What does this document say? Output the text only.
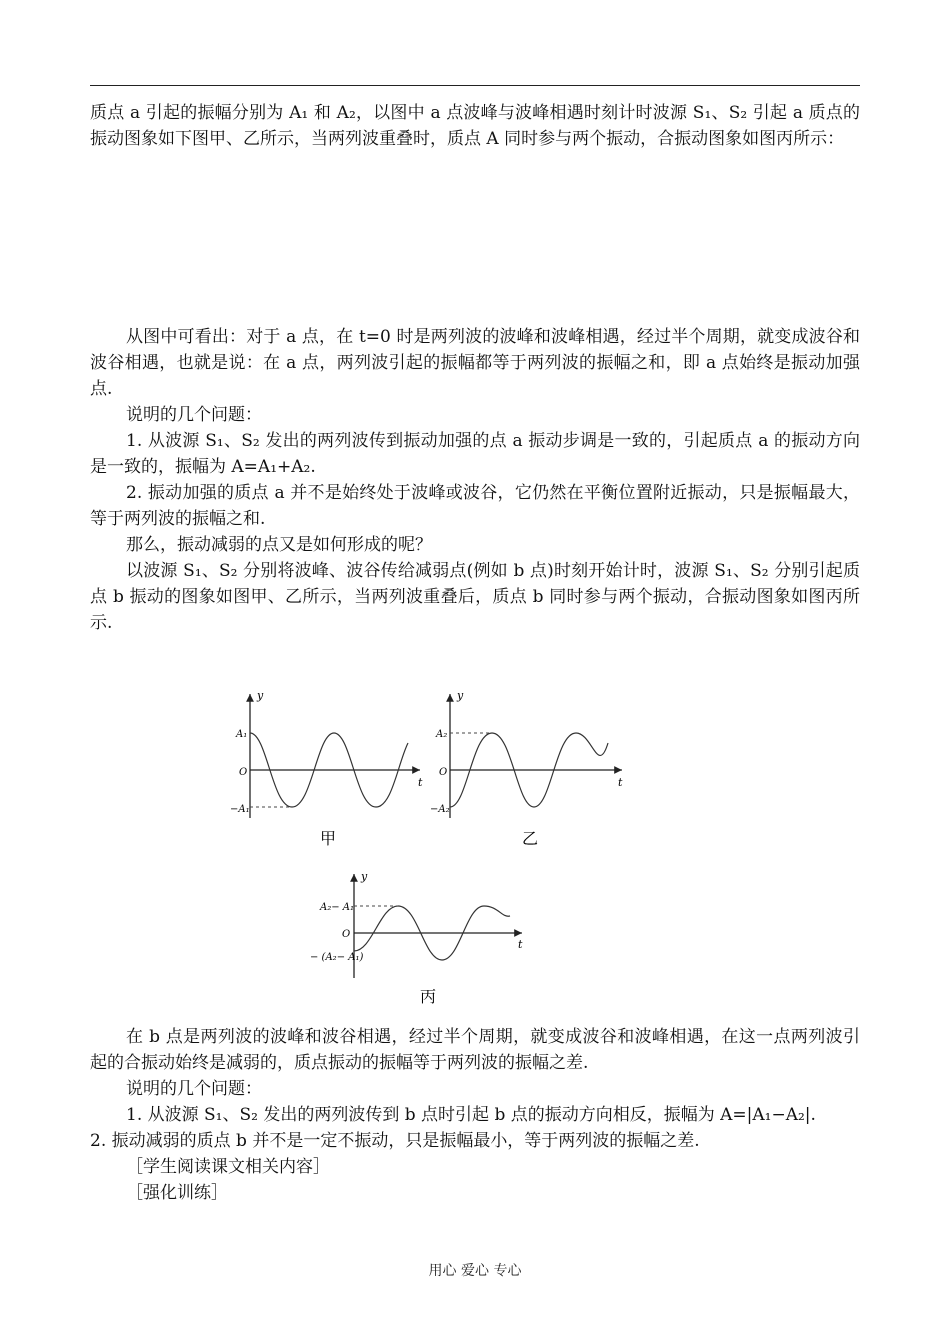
质点 a 引起的振幅分别为 A₁ 和 A₂，以图中 a 点波峰与波峰相遇时刻计时波源 S₁、S₂ 引起 a 质点的振动图象如下图甲、乙所示，当两列波重叠时，质点 A 同时参与两个振动，合振动图象如图丙所示：

从图中可看出：对于 a 点，在 t=0 时是两列波的波峰和波峰相遇，经过半个周期，就变成波谷和波谷相遇，也就是说：在 a 点，两列波引起的振幅都等于两列波的振幅之和，即 a 点始终是振动加强点.

说明的几个问题：

1. 从波源 S₁、S₂ 发出的两列波传到振动加强的点 a 振动步调是一致的，引起质点 a 的振动方向是一致的，振幅为 A=A₁+A₂.

2. 振动加强的质点 a 并不是始终处于波峰或波谷，它仍然在平衡位置附近振动，只是振幅最大，等于两列波的振幅之和.

那么，振动减弱的点又是如何形成的呢？

以波源 S₁、S₂ 分别将波峰、波谷传给减弱点(例如 b 点)时刻开始计时，波源 S₁、S₂ 分别引起质点 b 振动的图象如图甲、乙所示，当两列波重叠后，质点 b 同时参与两个振动，合振动图象如图丙所示.

在 b 点是两列波的波峰和波谷相遇，经过半个周期，就变成波谷和波峰相遇，在这一点两列波引起的合振动始终是减弱的，质点振动的振幅等于两列波的振幅之差.

说明的几个问题：

1. 从波源 S₁、S₂ 发出的两列波传到 b 点时引起 b 点的振动方向相反，振幅为 A=|A₁−A₂|.

2. 振动减弱的质点 b 并不是一定不振动，只是振幅最小，等于两列波的振幅之差.

［学生阅读课文相关内容］

［强化训练］

y
t
O
A₁
−A₁
甲
y
t
O
A₂
−A₂
乙
y
t
O
A₂− A₁
− (A₂− A₁)
丙
用心 爱心 专心
